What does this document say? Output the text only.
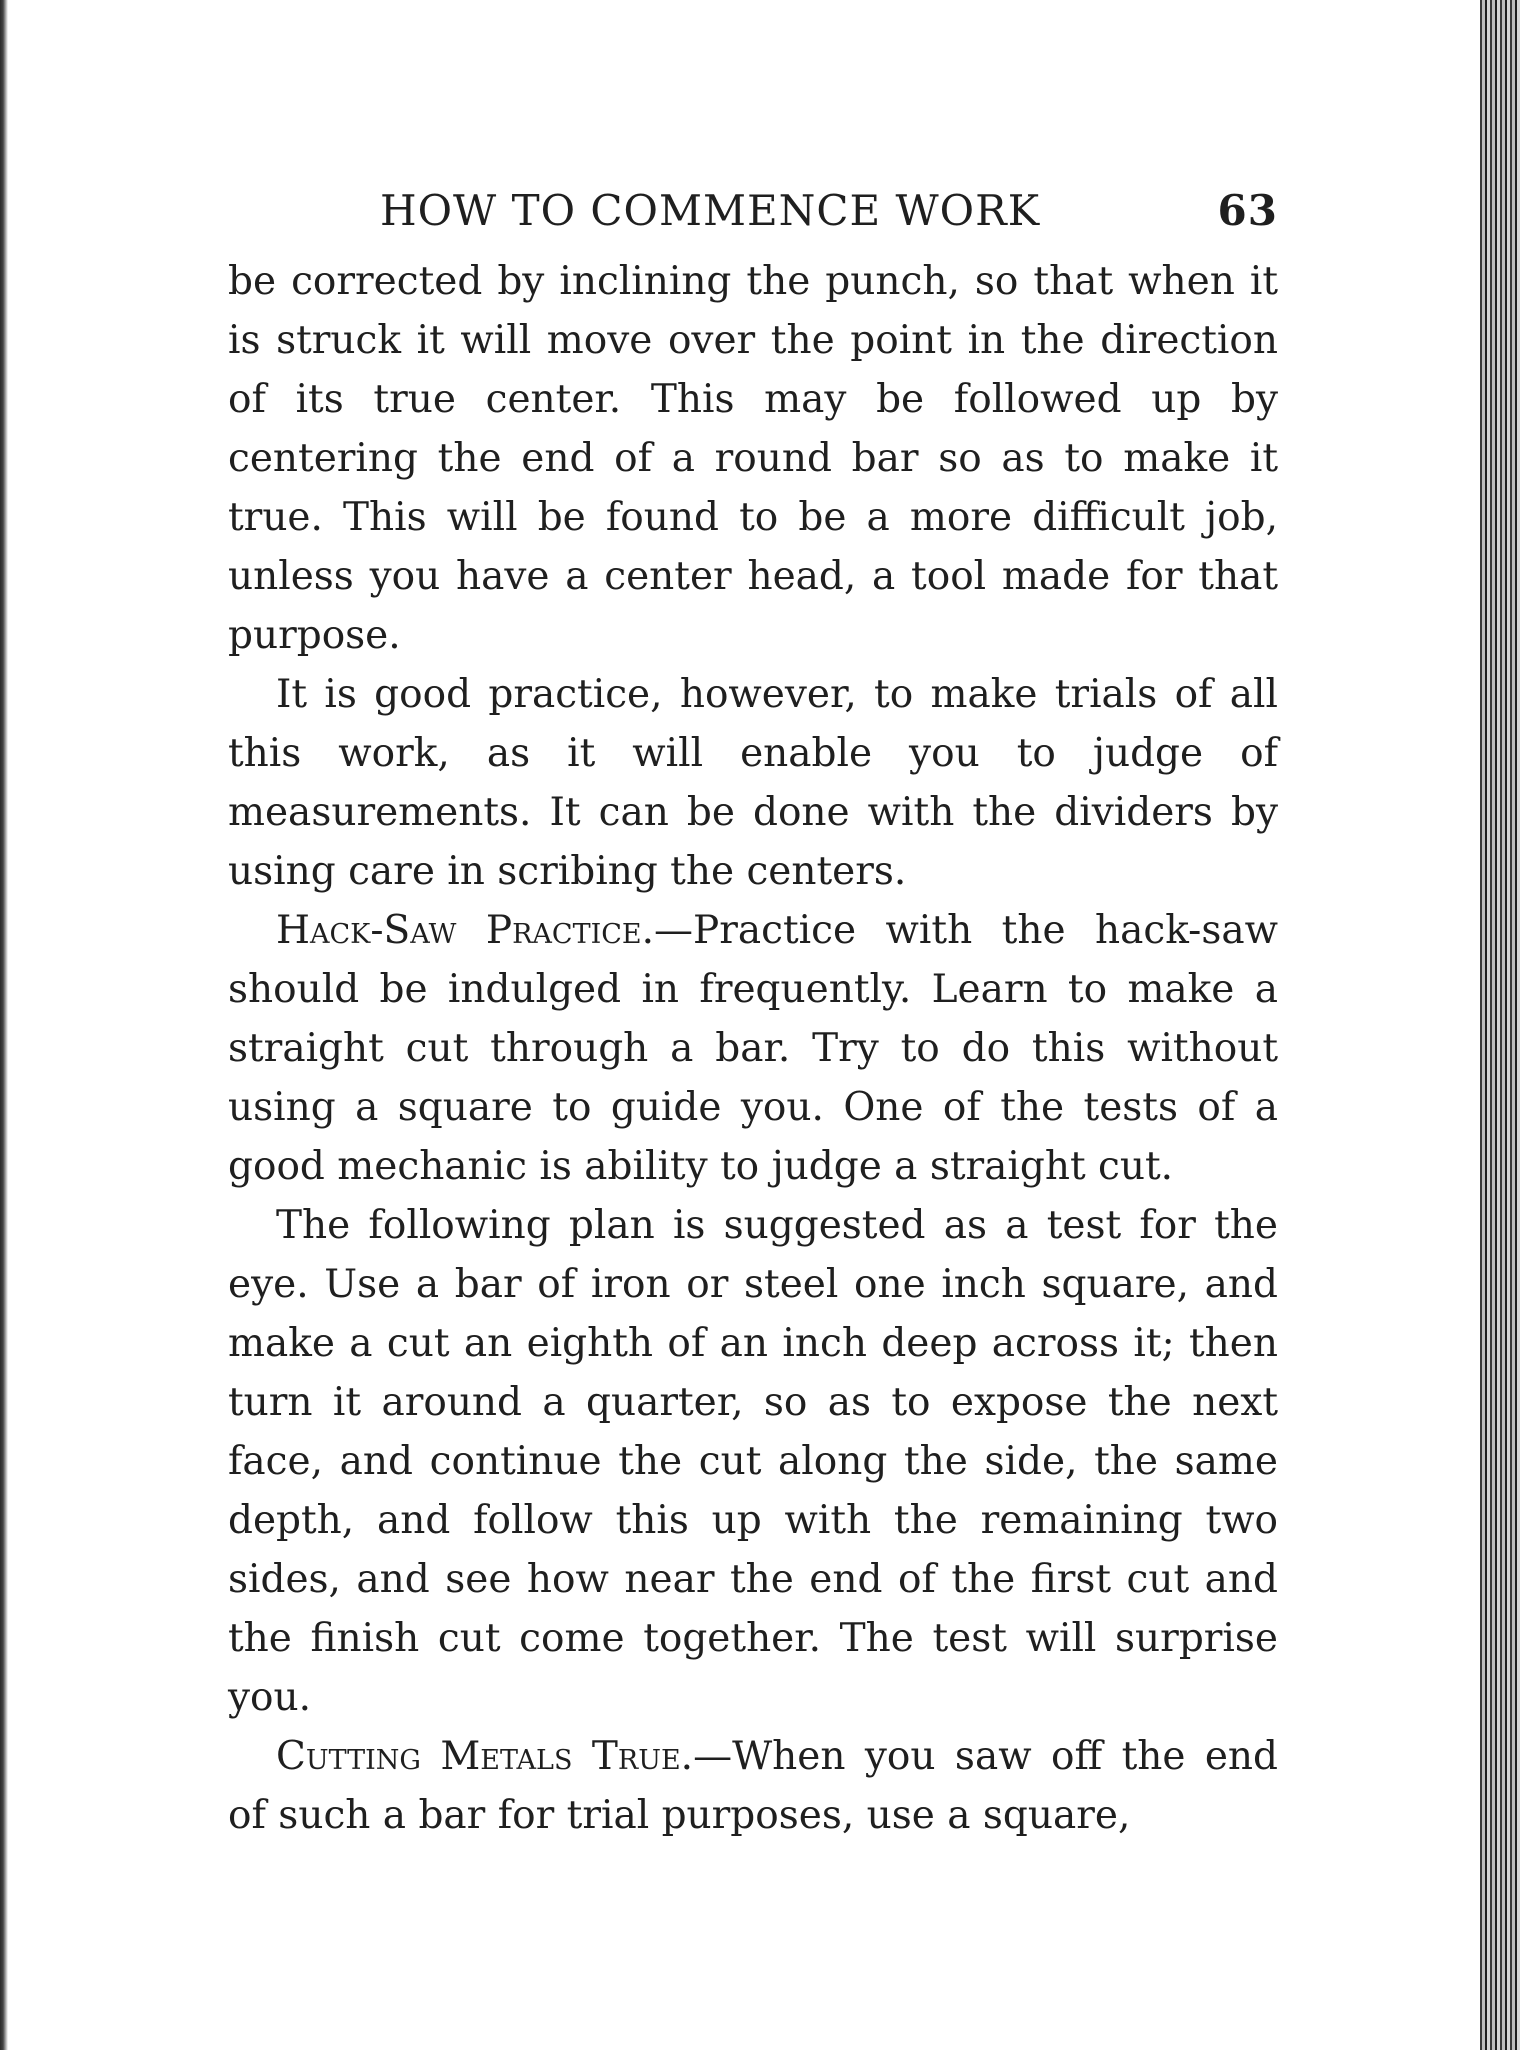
HOW TO COMMENCE WORK	63

be corrected by inclining the punch, so that when it is struck it will move over the point in the direction of its true center. This may be followed up by centering the end of a round bar so as to make it true. This will be found to be a more difficult job, unless you have a center head, a tool made for that purpose.

It is good practice, however, to make trials of all this work, as it will enable you to judge of measurements. It can be done with the dividers by using care in scribing the centers.

Hack-Saw Practice.—Practice with the hack-saw should be indulged in frequently. Learn to make a straight cut through a bar. Try to do this without using a square to guide you. One of the tests of a good mechanic is ability to judge a straight cut.

The following plan is suggested as a test for the eye. Use a bar of iron or steel one inch square, and make a cut an eighth of an inch deep across it; then turn it around a quarter, so as to expose the next face, and continue the cut along the side, the same depth, and follow this up with the remaining two sides, and see how near the end of the first cut and the finish cut come together. The test will surprise you.

Cutting Metals True.—When you saw off the end of such a bar for trial purposes, use a square,
